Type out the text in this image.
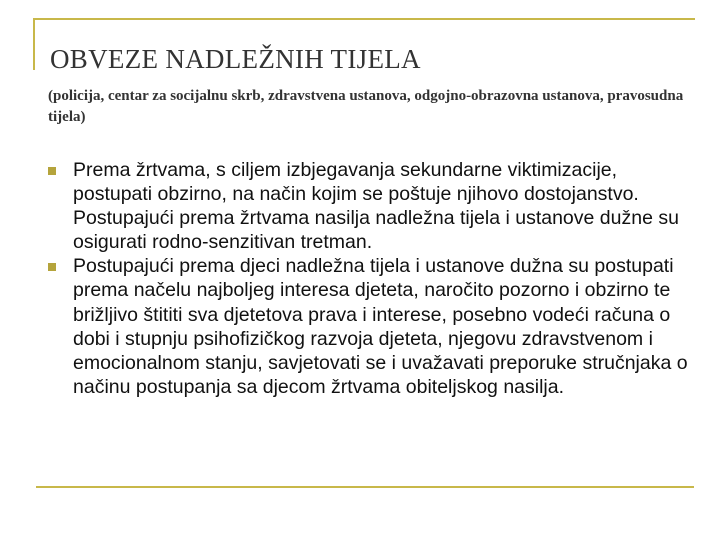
OBVEZE NADLEŽNIH TIJELA
(policija, centar za socijalnu skrb, zdravstvena ustanova, odgojno-obrazovna ustanova, pravosudna tijela)
Prema žrtvama, s ciljem izbjegavanja sekundarne viktimizacije, postupati obzirno, na način kojim se poštuje njihovo dostojanstvo. Postupajući prema žrtvama nasilja nadležna tijela i ustanove dužne su osigurati rodno-senzitivan tretman.
Postupajući prema djeci nadležna tijela i ustanove dužna su postupati prema načelu najboljeg interesa djeteta, naročito pozorno i obzirno te brižljivo štititi sva djetetova prava i interese, posebno vodeći računa o dobi i stupnju psihofizičkog razvoja djeteta, njegovu zdravstvenom i emocionalnom stanju, savjetovati se i uvažavati preporuke stručnjaka o načinu postupanja sa djecom žrtvama obiteljskog nasilja.
